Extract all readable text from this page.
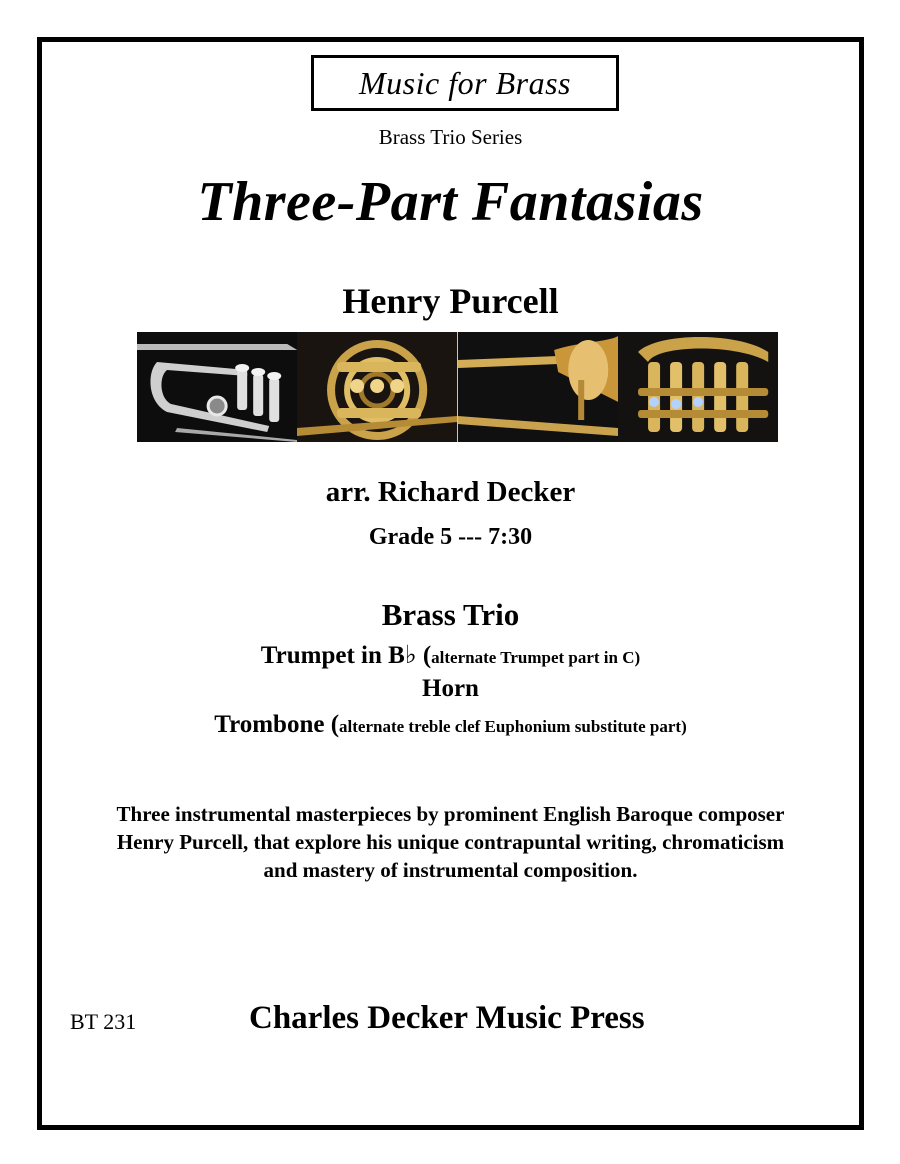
Music for Brass
Brass Trio Series
Three-Part Fantasias
Henry Purcell
arr. Richard Decker
Grade 5 --- 7:30
Brass Trio
Trumpet in B♭ (alternate Trumpet part in C)
Horn
Trombone (alternate treble clef Euphonium substitute part)
Three instrumental masterpieces by prominent English Baroque composer
Henry Purcell, that explore his unique contrapuntal writing, chromaticism
and mastery of instrumental composition.
BT 231	Charles Decker Music Press
